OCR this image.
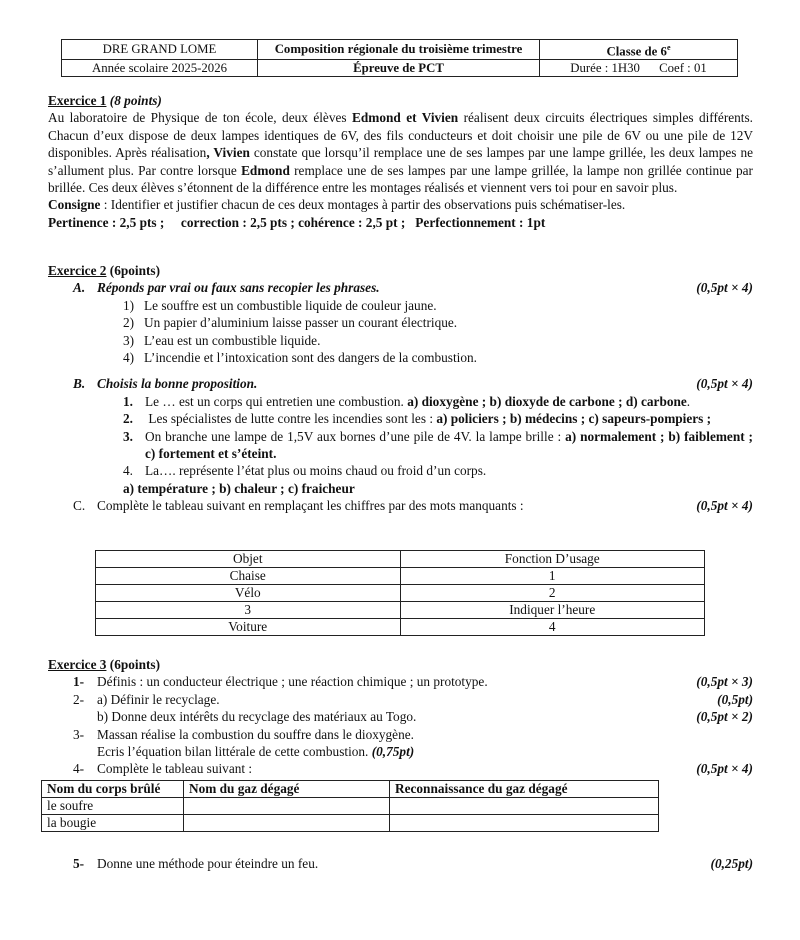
DRE GRAND LOME	Composition régionale du troisième trimestre	Classe de 6e
Année scolaire 2025-2026	Épreuve de PCT	Durée : 1H30 Coef : 01
Exercice 1 (8 points)
Au laboratoire de Physique de ton école, deux élèves Edmond et Vivien réalisent deux circuits électriques simples différents. Chacun d’eux dispose de deux lampes identiques de 6V, des fils conducteurs et doit choisir une pile de 6V ou une pile de 12V disponibles. Après réalisation, Vivien constate que lorsqu’il remplace une de ses lampes par une lampe grillée, les deux lampes ne s’allument plus. Par contre lorsque Edmond remplace une de ses lampes par une lampe grillée, la lampe non grillée continue par brillée. Ces deux élèves s’étonnent de la différence entre les montages réalisés et viennent vers toi pour en savoir plus.
Consigne : Identifier et justifier chacun de ces deux montages à partir des observations puis schématiser-les.
Pertinence : 2,5 pts ;     correction : 2,5 pts ; cohérence : 2,5 pt ;   Perfectionnement : 1pt
Exercice 2 (6points)
A. Réponds par vrai ou faux sans recopier les phrases.	(0,5pt × 4)
1) Le souffre est un combustible liquide de couleur jaune.
2) Un papier d’aluminium laisse passer un courant électrique.
3) L’eau est un combustible liquide.
4) L’incendie et l’intoxication sont des dangers de la combustion.
B. Choisis la bonne proposition.	(0,5pt × 4)
1. Le … est un corps qui entretien une combustion. a) dioxygène ; b) dioxyde de carbone ; d) carbone.
2. Les spécialistes de lutte contre les incendies sont les : a) policiers ; b) médecins ; c) sapeurs-pompiers ;
3. On branche une lampe de 1,5V aux bornes d’une pile de 4V. la lampe brille : a) normalement ; b) faiblement ; c) fortement et s’éteint.
4. La…. représente l’état plus ou moins chaud ou froid d’un corps.
a) température ; b) chaleur ; c) fraicheur
C. Complète le tableau suivant en remplaçant les chiffres par des mots manquants :	(0,5pt × 4)
Objet	Fonction D’usage
Chaise	1
Vélo	2
3	Indiquer l’heure
Voiture	4
Exercice 3 (6points)
1- Définis : un conducteur électrique ; une réaction chimique ; un prototype.	(0,5pt × 3)
2- a) Définir le recyclage.	(0,5pt)
b) Donne deux intérêts du recyclage des matériaux au Togo.	(0,5pt × 2)
3- Massan réalise la combustion du souffre dans le dioxygène.
Ecris l’équation bilan littérale de cette combustion. (0,75pt)
4- Complète le tableau suivant :	(0,5pt × 4)
Nom du corps brûlé	Nom du gaz dégagé	Reconnaissance du gaz dégagé
le soufre		
la bougie		
5- Donne une méthode pour éteindre un feu.	(0,25pt)
